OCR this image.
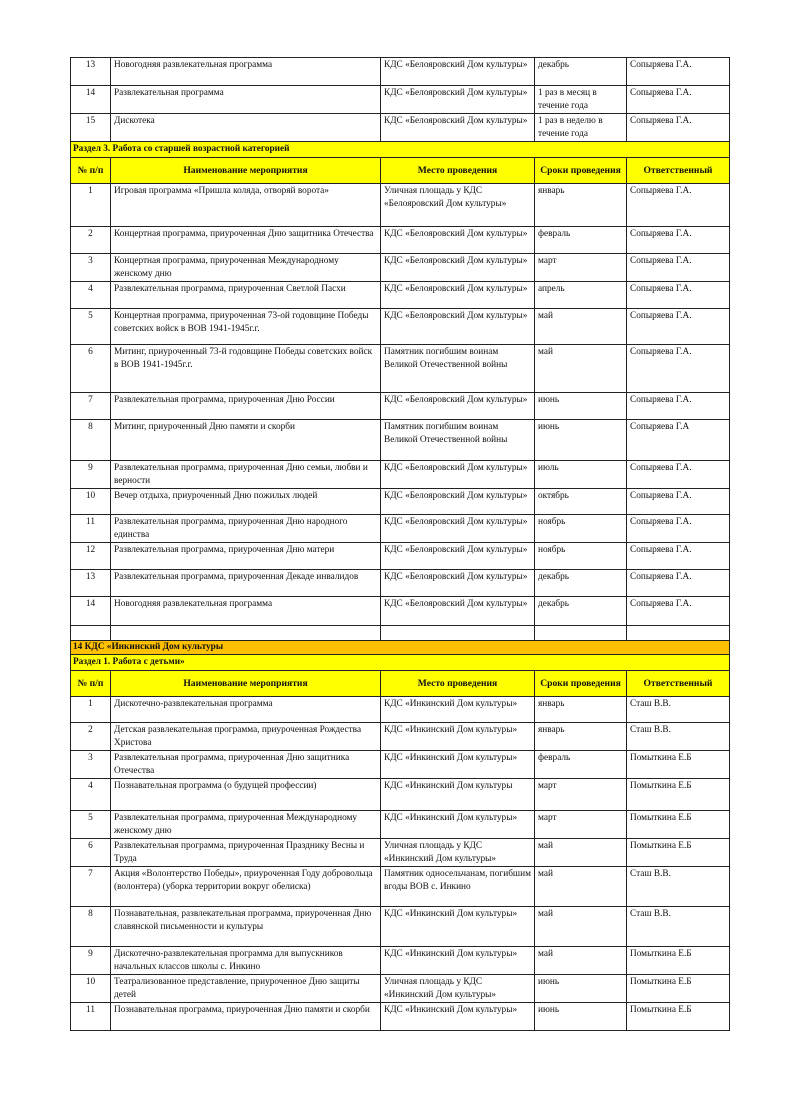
13	Новогодняя развлекательная программа	КДС «Белояровский Дом культуры»	декабрь	Сопыряева Г.А.
14	Развлекательная программа	КДС «Белояровский Дом культуры»	1 раз в месяц в течение года	Сопыряева Г.А.
15	Дискотека	КДС «Белояровский Дом культуры»	1 раз в неделю в течение года	Сопыряева Г.А.
Раздел 3. Работа со старшей возрастной категорией				
№ п/п	Наименование мероприятия	Место проведения	Сроки проведения	Ответственный
1	Игровая программа «Пришла коляда, отворяй ворота»	Уличная площадь у КДС «Белояровский Дом культуры»	январь	Сопыряева Г.А.
2	Концертная программа, приуроченная Дню защитника Отечества	КДС «Белояровский Дом культуры»	февраль	Сопыряева Г.А.
3	Концертная программа, приуроченная Международному женскому дню	КДС «Белояровский Дом культуры»	март	Сопыряева Г.А.
4	Развлекательная программа, приуроченная Светлой Пасхи	КДС «Белояровский Дом культуры»	апрель	Сопыряева Г.А.
5	Концертная программа, приуроченная 73-ой годовщине Победы советских войск в ВОВ 1941-1945г.г.	КДС «Белояровский Дом культуры»	май	Сопыряева Г.А.
6	Митинг, приуроченный 73-й годовщине Победы советских войск в ВОВ 1941-1945г.г.	Памятник погибшим воинам Великой Отечественной войны	май	Сопыряева Г.А.
7	Развлекательная программа, приуроченная Дню России	КДС «Белояровский Дом культуры»	июнь	Сопыряева Г.А.
8	Митинг, приуроченный Дню памяти и скорби	Памятник погибшим воинам Великой Отечественной войны	июнь	Сопыряева Г.А
9	Развлекательная программа, приуроченная Дню семьи, любви и верности	КДС «Белояровский Дом культуры»	июль	Сопыряева Г.А.
10	Вечер отдыха, приуроченный Дню пожилых людей	КДС «Белояровский Дом культуры»	октябрь	Сопыряева Г.А.
11	Развлекательная программа, приуроченная Дню народного единства	КДС «Белояровский Дом культуры»	ноябрь	Сопыряева Г.А.
12	Развлекательная программа, приуроченная Дню матери	КДС «Белояровский Дом культуры»	ноябрь	Сопыряева Г.А.
13	Развлекательная программа, приуроченная Декаде инвалидов	КДС «Белояровский Дом культуры»	декабрь	Сопыряева Г.А.
14	Новогодняя развлекательная программа	КДС «Белояровский Дом культуры»	декабрь	Сопыряева Г.А.

14 КДС «Инкинский Дом культуры				
Раздел 1. Работа с детьми»				
№ п/п	Наименование мероприятия	Место проведения	Сроки проведения	Ответственный
1	Дискотечно-развлекательная программа	КДС «Инкинский Дом культуры»	январь	Сташ В.В.
2	Детская развлекательная программа, приуроченная Рождества Христова	КДС «Инкинский Дом культуры»	январь	Сташ В.В.
3	Развлекательная программа, приуроченная Дню защитника Отечества	КДС «Инкинский Дом культуры»	февраль	Помыткина Е.Б
4	Познавательная программа (о будущей профессии)	КДС «Инкинский Дом культуры	март	Помыткина Е.Б
5	Развлекательная программа, приуроченная Международному женскому дню	КДС «Инкинский Дом культуры»	март	Помыткина Е.Б
6	Развлекательная программа, приуроченная Празднику Весны и Труда	Уличная площадь у КДС «Инкинский Дом культуры»	май	Помыткина Е.Б
7	Акция «Волонтерство Победы», приуроченная Году добровольца (волонтера) (уборка территории вокруг обелиска)	Памятник односельчанам, погибшим вгоды ВОВ с. Инкино	май	Сташ В.В.
8	Познавательная, развлекательная программа, приуроченная Дню славянской письменности и культуры	КДС «Инкинский Дом культуры»	май	Сташ В.В.
9	Дискотечно-развлекательная программа для выпускников начальных классов школы с. Инкино	КДС «Инкинский Дом культуры»	май	Помыткина Е.Б
10	Театрализованное представление, приуроченное Дню защиты детей	Уличная площадь у КДС «Инкинский Дом культуры»	июнь	Помыткина Е.Б
11	Познавательная программа, приуроченная Дню памяти и скорби	КДС «Инкинский Дом культуры»	июнь	Помыткина Е.Б
